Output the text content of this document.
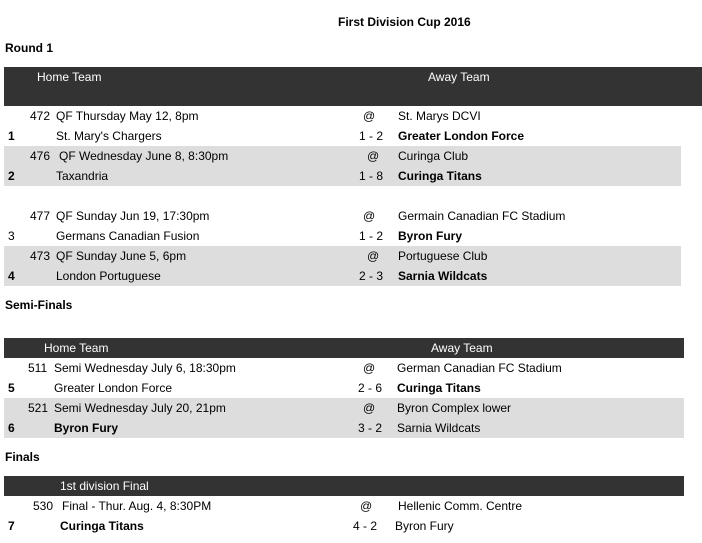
First Division Cup 2016
Round 1
Home Team	Away Team
472 QF Thursday May 12, 8pm	@ St. Marys DCVI
1	St. Mary's Chargers	1 - 2 Greater London Force
476 QF Wednesday June 8, 8:30pm	@ Curinga Club
2	Taxandria	1 - 8 Curinga Titans
477 QF Sunday Jun 19, 17:30pm	@ Germain Canadian FC Stadium
3	Germans Canadian Fusion	1 - 2 Byron Fury
473 QF Sunday June 5, 6pm	@ Portuguese Club
4	London Portuguese	2 - 3 Sarnia Wildcats
Semi-Finals
Home Team	Away Team
511 Semi Wednesday July 6, 18:30pm	@ German Canadian FC Stadium
5	Greater London Force	2 - 6 Curinga Titans
521 Semi Wednesday July 20, 21pm	@ Byron Complex lower
6	Byron Fury	3 - 2 Sarnia Wildcats
Finals
1st division Final
530 Final - Thur. Aug. 4, 8:30PM	@ Hellenic Comm. Centre
7	Curinga Titans	4 - 2 Byron Fury
